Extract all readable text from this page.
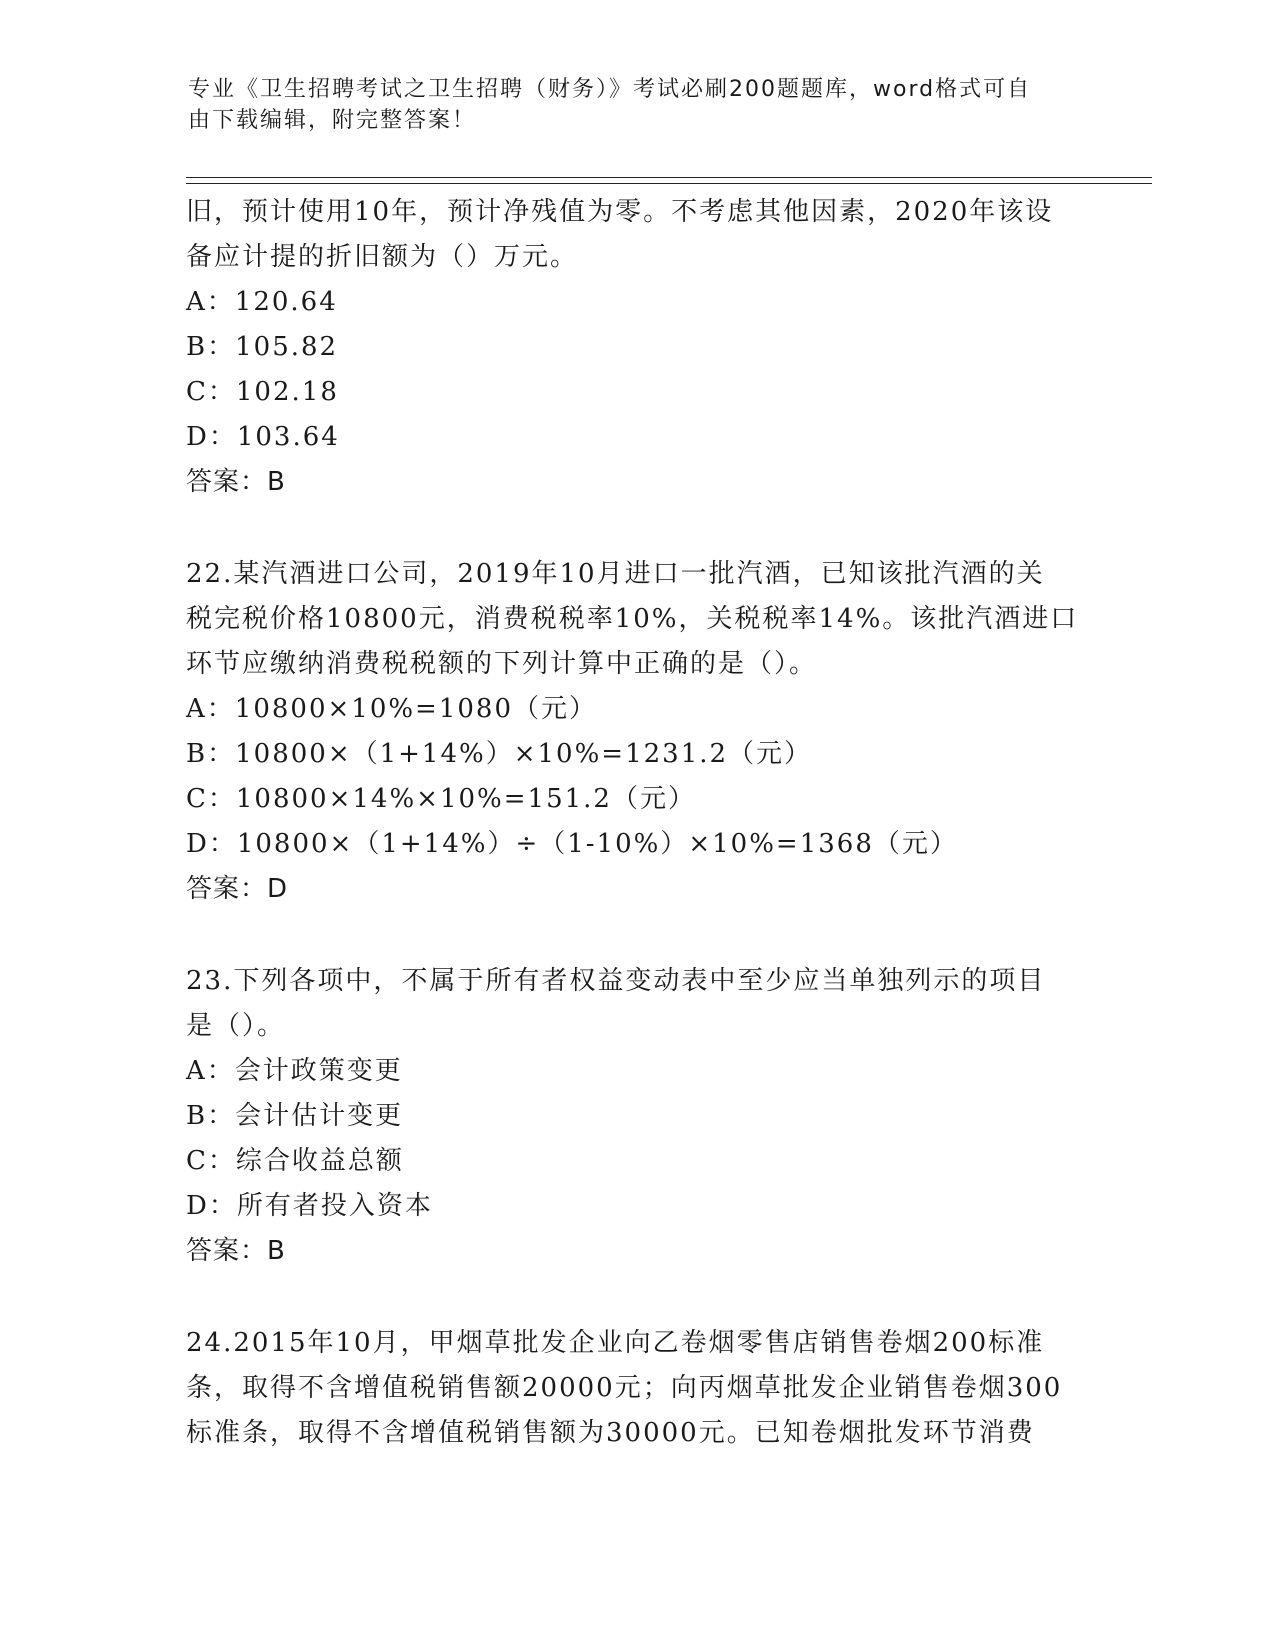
专业《卫生招聘考试之卫生招聘（财务）》考试必刷200题题库，word格式可自
由下载编辑，附完整答案！
旧，预计使用10年，预计净残值为零。不考虑其他因素，2020年该设
备应计提的折旧额为（）万元。
A：120.64
B：105.82
C：102.18
D：103.64
答案：B
22.某汽酒进口公司，2019年10月进口一批汽酒，已知该批汽酒的关
税完税价格10800元，消费税税率10%，关税税率14%。该批汽酒进口
环节应缴纳消费税税额的下列计算中正确的是（）。
A：10800×10%=1080（元）
B：10800×（1+14%）×10%=1231.2（元）
C：10800×14%×10%=151.2（元）
D：10800×（1+14%）÷（1-10%）×10%=1368（元）
答案：D
23.下列各项中，不属于所有者权益变动表中至少应当单独列示的项目
是（）。
A：会计政策变更
B：会计估计变更
C：综合收益总额
D：所有者投入资本
答案：B
24.2015年10月，甲烟草批发企业向乙卷烟零售店销售卷烟200标准
条，取得不含增值税销售额20000元；向丙烟草批发企业销售卷烟300
标准条，取得不含增值税销售额为30000元。已知卷烟批发环节消费
